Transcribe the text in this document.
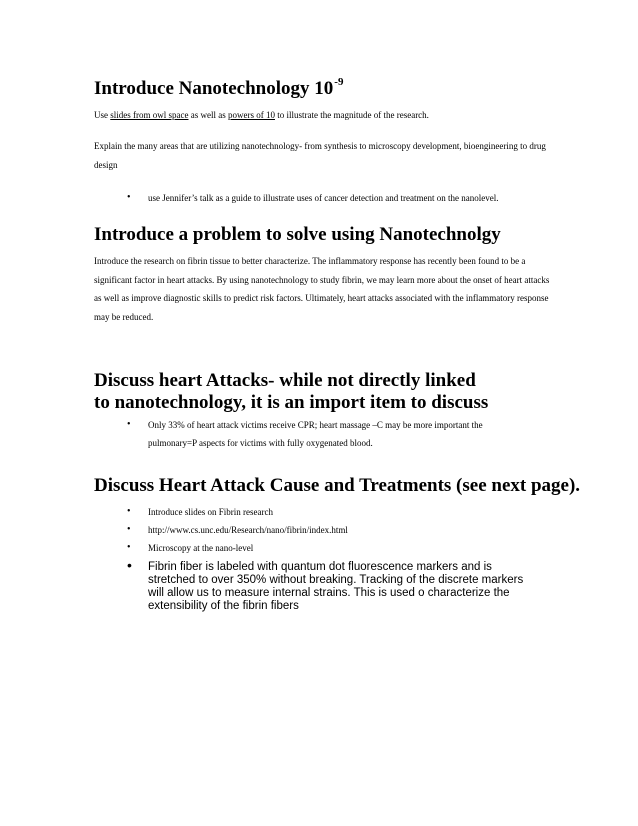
Introduce Nanotechnology $10^{-9}$

Use slides from owl space as well as powers of 10 to illustrate the magnitude of the research.

Explain the many areas that are utilizing nanotechnology- from synthesis to microscopy development, bioengineering to drug design

• use Jennifer’s talk as a guide to illustrate uses of cancer detection and treatment on the nanolevel.
Introduce a problem to solve using Nanotechnolgy

Introduce the research on fibrin tissue to better characterize. The inflammatory response has recently been found to be a significant factor in heart attacks. By using nanotechnology to study fibrin, we may learn more about the onset of heart attacks as well as improve diagnostic skills to predict risk factors. Ultimately, heart attacks associated with the inflammatory response may be reduced.

Discuss heart Attacks- while not directly linked to nanotechnology, it is an import item to discuss
• Only 33% of heart attack victims receive CPR; heart massage –C may be more important the pulmonary=P aspects for victims with fully oxygenated blood.
Discuss Heart Attack Cause and Treatments (see next page).
• Introduce slides on Fibrin research
• http://www.cs.unc.edu/Research/nano/fibrin/index.html
• Microscopy at the nano-level
• Fibrin fiber is labeled with quantum dot fluorescence markers and is stretched to over 350% without breaking. Tracking of the discrete markers will allow us to measure internal strains. This is used o characterize the extensibility of the fibrin fibers
